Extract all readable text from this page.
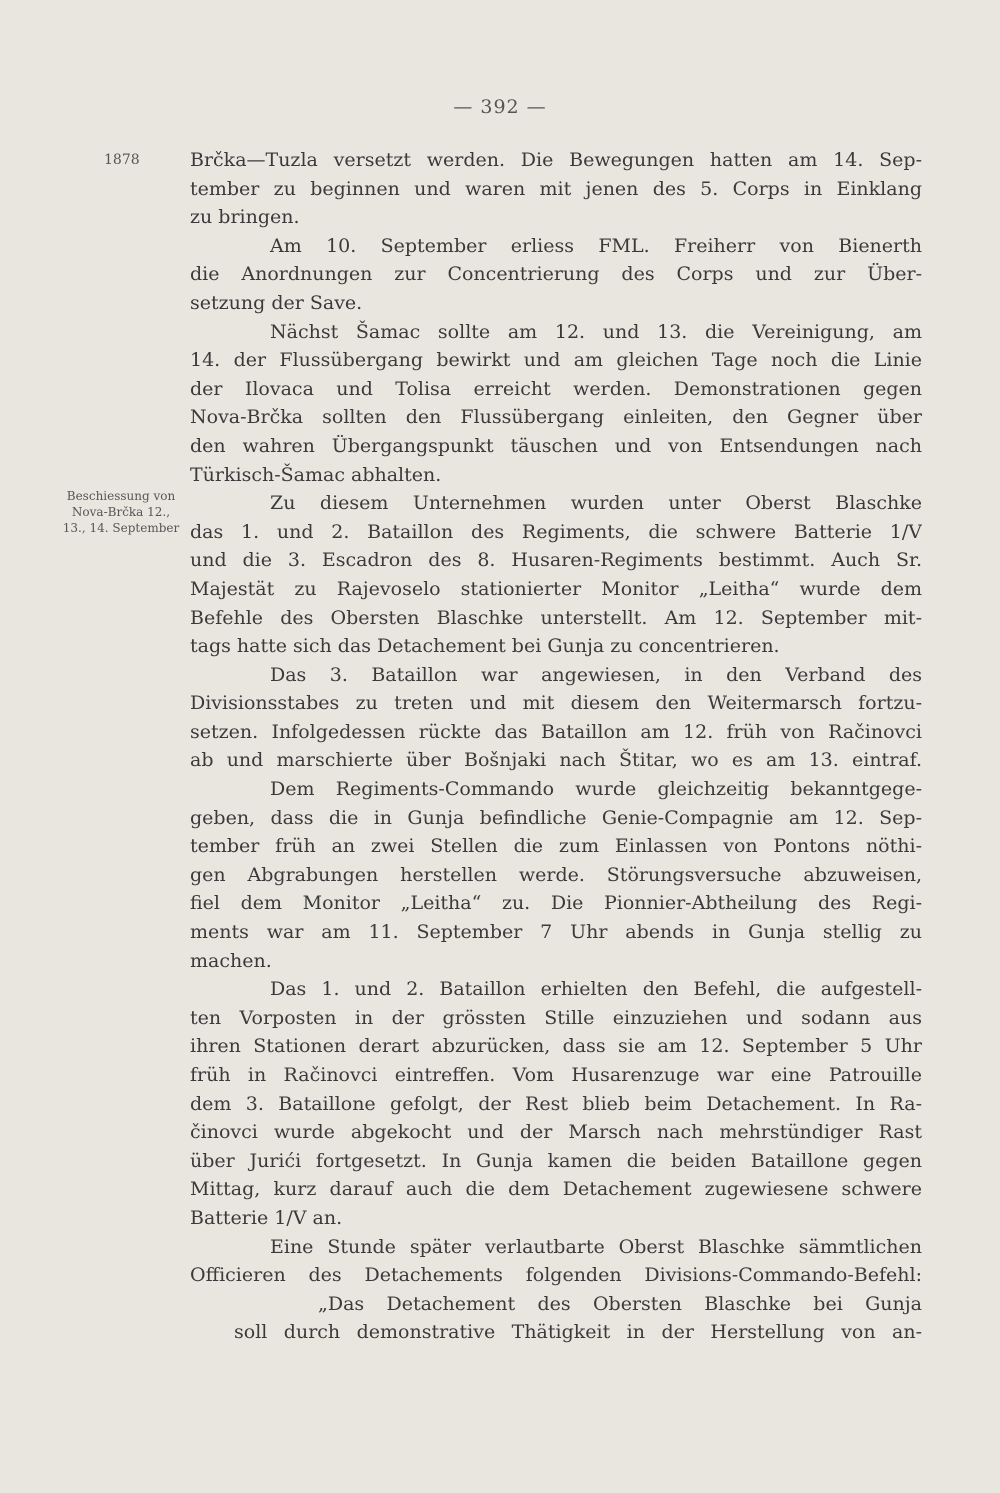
— 392 —
1878
Beschiessung von
Nova-Brčka 12.,
13., 14. September
Brčka—Tuzla versetzt werden. Die Bewegungen hatten am 14. Sep-
tember zu beginnen und waren mit jenen des 5. Corps in Einklang
zu bringen.
Am 10. September erliess FML. Freiherr von Bienerth
die Anordnungen zur Concentrierung des Corps und zur Über-
setzung der Save.
Nächst Šamac sollte am 12. und 13. die Vereinigung, am
14. der Flussübergang bewirkt und am gleichen Tage noch die Linie
der Ilovaca und Tolisa erreicht werden. Demonstrationen gegen
Nova-Brčka sollten den Flussübergang einleiten, den Gegner über
den wahren Übergangspunkt täuschen und von Entsendungen nach
Türkisch-Šamac abhalten.
Zu diesem Unternehmen wurden unter Oberst Blaschke
das 1. und 2. Bataillon des Regiments, die schwere Batterie 1/V
und die 3. Escadron des 8. Husaren-Regiments bestimmt. Auch Sr.
Majestät zu Rajevoselo stationierter Monitor „Leitha“ wurde dem
Befehle des Obersten Blaschke unterstellt. Am 12. September mit-
tags hatte sich das Detachement bei Gunja zu concentrieren.
Das 3. Bataillon war angewiesen, in den Verband des
Divisionsstabes zu treten und mit diesem den Weitermarsch fortzu-
setzen. Infolgedessen rückte das Bataillon am 12. früh von Račinovci
ab und marschierte über Bošnjaki nach Štitar, wo es am 13. eintraf.
Dem Regiments-Commando wurde gleichzeitig bekanntgege-
geben, dass die in Gunja befindliche Genie-Compagnie am 12. Sep-
tember früh an zwei Stellen die zum Einlassen von Pontons nöthi-
gen Abgrabungen herstellen werde. Störungsversuche abzuweisen,
fiel dem Monitor „Leitha“ zu. Die Pionnier-Abtheilung des Regi-
ments war am 11. September 7 Uhr abends in Gunja stellig zu
machen.
Das 1. und 2. Bataillon erhielten den Befehl, die aufgestell-
ten Vorposten in der grössten Stille einzuziehen und sodann aus
ihren Stationen derart abzurücken, dass sie am 12. September 5 Uhr
früh in Račinovci eintreffen. Vom Husarenzuge war eine Patrouille
dem 3. Bataillone gefolgt, der Rest blieb beim Detachement. In Ra-
činovci wurde abgekocht und der Marsch nach mehrstündiger Rast
über Jurići fortgesetzt. In Gunja kamen die beiden Bataillone gegen
Mittag, kurz darauf auch die dem Detachement zugewiesene schwere
Batterie 1/V an.
Eine Stunde später verlautbarte Oberst Blaschke sämmtlichen
Officieren des Detachements folgenden Divisions-Commando-Befehl:
„Das Detachement des Obersten Blaschke bei Gunja
soll durch demonstrative Thätigkeit in der Herstellung von an-
